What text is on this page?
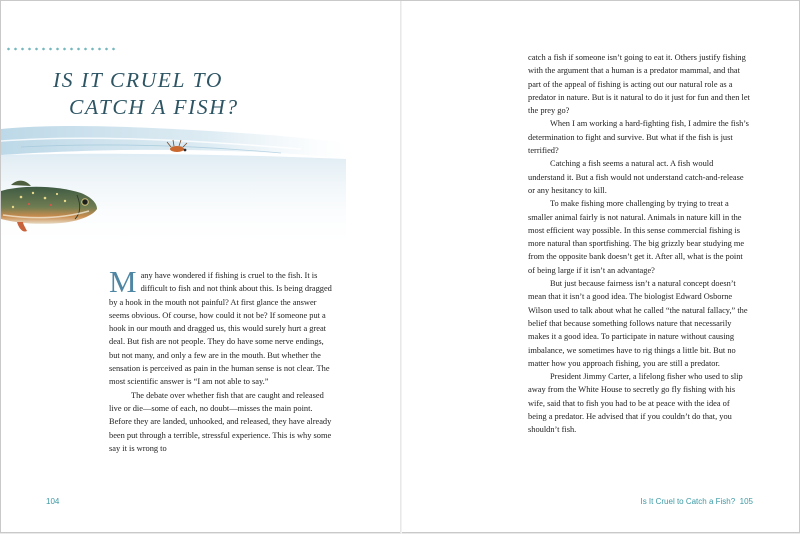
IS IT CRUEL TO
CATCH A FISH?

Many have wondered if fishing is cruel to the fish. It is difficult to fish and not think about this. Is being dragged by a hook in the mouth not painful? At first glance the answer seems obvious. Of course, how could it not be? If someone put a hook in our mouth and dragged us, this would surely hurt a great deal. But fish are not people. They do have some nerve endings, but not many, and only a few are in the mouth. But whether the sensation is perceived as pain in the human sense is not clear. The most scientific answer is “I am not able to say.”

The debate over whether fish that are caught and released live or die—some of each, no doubt—misses the main point. Before they are landed, unhooked, and released, they have already been put through a terrible, stressful experience. This is why some say it is wrong to

104

catch a fish if someone isn’t going to eat it. Others justify fishing with the argument that a human is a predator mammal, and that part of the appeal of fishing is acting out our natural role as a predator in nature. But is it natural to do it just for fun and then let the prey go?

When I am working a hard-fighting fish, I admire the fish’s determination to fight and survive. But what if the fish is just terrified?

Catching a fish seems a natural act. A fish would understand it. But a fish would not understand catch-and-release or any hesitancy to kill.

To make fishing more challenging by trying to treat a smaller animal fairly is not natural. Animals in nature kill in the most efficient way possible. In this sense commercial fishing is more natural than sportfishing. The big grizzly bear studying me from the opposite bank doesn’t get it. After all, what is the point of being large if it isn’t an advantage?

But just because fairness isn’t a natural concept doesn’t mean that it isn’t a good idea. The biologist Edward Osborne Wilson used to talk about what he called “the natural fallacy,” the belief that because something follows nature that necessarily makes it a good idea. To participate in nature without causing imbalance, we sometimes have to rig things a little bit. But no matter how you approach fishing, you are still a predator.

President Jimmy Carter, a lifelong fisher who used to slip away from the White House to secretly go fly fishing with his wife, said that to fish you had to be at peace with the idea of being a predator. He advised that if you couldn’t do that, you shouldn’t fish.

Is It Cruel to Catch a Fish? 105
